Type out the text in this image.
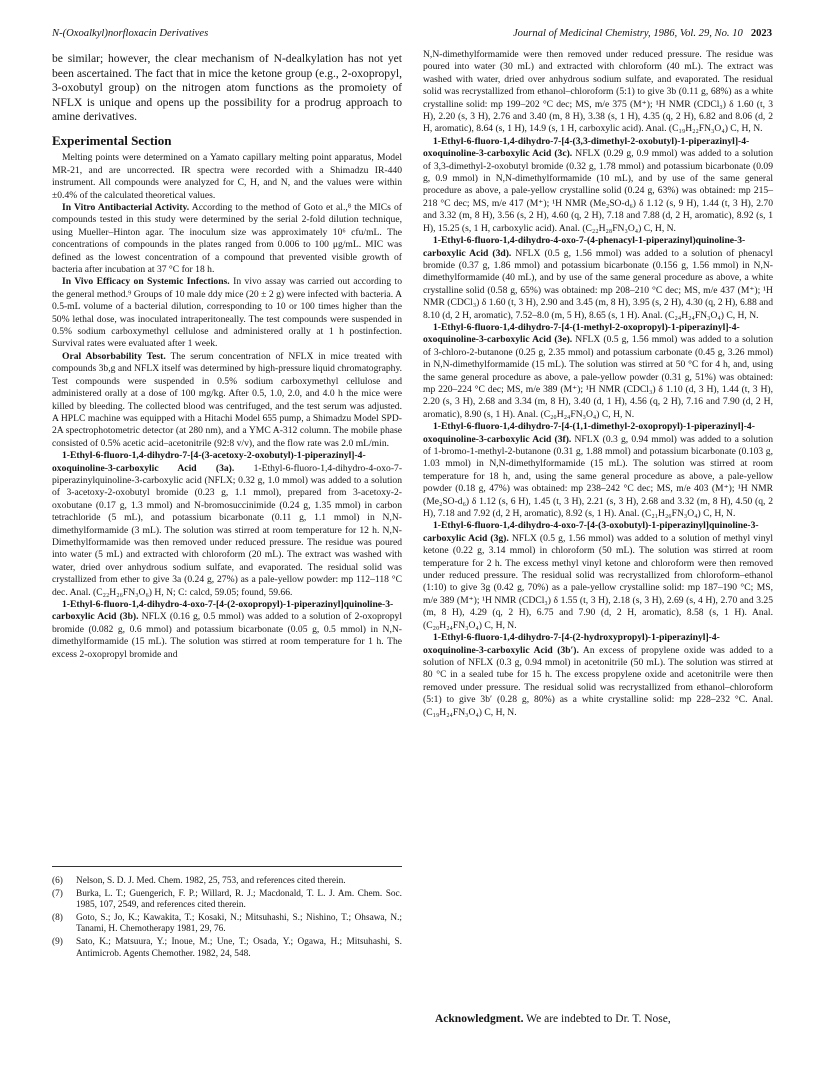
N-(Oxoalkyl)norfloxacin Derivatives	Journal of Medicinal Chemistry, 1986, Vol. 29, No. 10 2023

be similar; however, the clear mechanism of N-dealkylation has not yet been ascertained. The fact that in mice the ketone group (e.g., 2-oxopropyl, 3-oxobutyl group) on the nitrogen atom functions as the promoiety of NFLX is unique and opens up the possibility for a prodrug approach to amine derivatives.

Experimental Section

Melting points were determined on a Yamato capillary melting point apparatus, Model MR-21, and are uncorrected. IR spectra were recorded with a Shimadzu IR-440 instrument. All compounds were analyzed for C, H, and N, and the values were within ±0.4% of the calculated theoretical values.

In Vitro Antibacterial Activity. According to the method of Goto et al.,⁸ the MICs of compounds tested in this study were determined by the serial 2-fold dilution technique, using Mueller–Hinton agar. The inoculum size was approximately 10⁶ cfu/mL. The concentrations of compounds in the plates ranged from 0.006 to 100 μg/mL. MIC was defined as the lowest concentration of a compound that prevented visible growth of bacteria after incubation at 37 °C for 18 h.

In Vivo Efficacy on Systemic Infections. In vivo assay was carried out according to the general method.⁹ Groups of 10 male ddy mice (20 ± 2 g) were infected with bacteria. A 0.5-mL volume of a bacterial dilution, corresponding to 10 or 100 times higher than the 50% lethal dose, was inoculated intraperitoneally. The test compounds were suspended in 0.5% sodium carboxymethyl cellulose and administered orally at 1 h postinfection. Survival rates were evaluated after 1 week.

Oral Absorbability Test. The serum concentration of NFLX in mice treated with compounds 3b,g and NFLX itself was determined by high-pressure liquid chromatography. Test compounds were suspended in 0.5% sodium carboxymethyl cellulose and administered orally at a dose of 100 mg/kg. After 0.5, 1.0, 2.0, and 4.0 h the mice were killed by bleeding. The collected blood was centrifuged, and the test serum was adjusted. A HPLC machine was equipped with a Hitachi Model 655 pump, a Shimadzu Model SPD-2A spectrophotometric detector (at 280 nm), and a YMC A-312 column. The mobile phase consisted of 0.5% acetic acid–acetonitrile (92:8 v/v), and the flow rate was 2.0 mL/min.

1-Ethyl-6-fluoro-1,4-dihydro-7-[4-(3-acetoxy-2-oxobutyl)-1-piperazinyl]-4-oxoquinoline-3-carboxylic Acid (3a). 1-Ethyl-6-fluoro-1,4-dihydro-4-oxo-7-piperazinylquinoline-3-carboxylic acid (NFLX; 0.32 g, 1.0 mmol) was added to a solution of 3-acetoxy-2-oxobutyl bromide (0.23 g, 1.1 mmol), prepared from 3-acetoxy-2-oxobutane (0.17 g, 1.3 mmol) and N-bromosuccinimide (0.24 g, 1.35 mmol) in carbon tetrachloride (5 mL), and potassium bicarbonate (0.11 g, 1.1 mmol) in N,N-dimethylformamide (3 mL). The solution was stirred at room temperature for 12 h. N,N-Dimethylformamide was then removed under reduced pressure. The residue was poured into water (5 mL) and extracted with chloroform (20 mL). The extract was washed with water, dried over anhydrous sodium sulfate, and evaporated. The residual solid was crystallized from ether to give 3a (0.24 g, 27%) as a pale-yellow powder: mp 112–118 °C dec. Anal. (C₂₂H₂₆FN₃O₆) H, N; C: calcd, 59.05; found, 59.66.

1-Ethyl-6-fluoro-1,4-dihydro-4-oxo-7-[4-(2-oxopropyl)-1-piperazinyl]quinoline-3-carboxylic Acid (3b). NFLX (0.16 g, 0.5 mmol) was added to a solution of 2-oxopropyl bromide (0.082 g, 0.6 mmol) and potassium bicarbonate (0.05 g, 0.5 mmol) in N,N-dimethylformamide (15 mL). The solution was stirred at room temperature for 1 h. The excess 2-oxopropyl bromide and

(6) Nelson, S. D. J. Med. Chem. 1982, 25, 753, and references cited therein.
(7) Burka, L. T.; Guengerich, F. P.; Willard, R. J.; Macdonald, T. L. J. Am. Chem. Soc. 1985, 107, 2549, and references cited therein.
(8) Goto, S.; Jo, K.; Kawakita, T.; Kosaki, N.; Mitsuhashi, S.; Nishino, T.; Ohsawa, N.; Tanami, H. Chemotherapy 1981, 29, 76.
(9) Sato, K.; Matsuura, Y.; Inoue, M.; Une, T.; Osada, Y.; Ogawa, H.; Mitsuhashi, S. Antimicrob. Agents Chemother. 1982, 24, 548.

N,N-dimethylformamide were then removed under reduced pressure. The residue was poured into water (30 mL) and extracted with chloroform (40 mL). The extract was washed with water, dried over anhydrous sodium sulfate, and evaporated. The residual solid was recrystallized from ethanol–chloroform (5:1) to give 3b (0.11 g, 68%) as a white crystalline solid: mp 199–202 °C dec; MS, m/e 375 (M⁺); ¹H NMR (CDCl₃) δ 1.60 (t, 3 H), 2.20 (s, 3 H), 2.76 and 3.40 (m, 8 H), 3.38 (s, 1 H), 4.35 (q, 2 H), 6.82 and 8.06 (d, 2 H, aromatic), 8.64 (s, 1 H), 14.9 (s, 1 H, carboxylic acid). Anal. (C₁₉H₂₂FN₃O₄) C, H, N.

1-Ethyl-6-fluoro-1,4-dihydro-7-[4-(3,3-dimethyl-2-oxobutyl)-1-piperazinyl]-4-oxoquinoline-3-carboxylic Acid (3c). NFLX (0.29 g, 0.9 mmol) was added to a solution of 3,3-dimethyl-2-oxobutyl bromide (0.32 g, 1.78 mmol) and potassium bicarbonate (0.09 g, 0.9 mmol) in N,N-dimethylformamide (10 mL), and by use of the same general procedure as above, a pale-yellow crystalline solid (0.24 g, 63%) was obtained: mp 215–218 °C dec; MS, m/e 417 (M⁺); ¹H NMR (Me₂SO-d₆) δ 1.12 (s, 9 H), 1.44 (t, 3 H), 2.70 and 3.32 (m, 8 H), 3.56 (s, 2 H), 4.60 (q, 2 H), 7.18 and 7.88 (d, 2 H, aromatic), 8.92 (s, 1 H), 15.25 (s, 1 H, carboxylic acid). Anal. (C₂₂H₂₈FN₃O₄) C, H, N.

1-Ethyl-6-fluoro-1,4-dihydro-4-oxo-7-(4-phenacyl-1-piperazinyl)quinoline-3-carboxylic Acid (3d). NFLX (0.5 g, 1.56 mmol) was added to a solution of phenacyl bromide (0.37 g, 1.86 mmol) and potassium bicarbonate (0.156 g, 1.56 mmol) in N,N-dimethylformamide (40 mL), and by use of the same general procedure as above, a white crystalline solid (0.58 g, 65%) was obtained: mp 208–210 °C dec; MS, m/e 437 (M⁺); ¹H NMR (CDCl₃) δ 1.60 (t, 3 H), 2.90 and 3.45 (m, 8 H), 3.95 (s, 2 H), 4.30 (q, 2 H), 6.88 and 8.10 (d, 2 H, aromatic), 7.52–8.0 (m, 5 H), 8.65 (s, 1 H). Anal. (C₂₄H₂₄FN₃O₄) C, H, N.

1-Ethyl-6-fluoro-1,4-dihydro-7-[4-(1-methyl-2-oxopropyl)-1-piperazinyl]-4-oxoquinoline-3-carboxylic Acid (3e). NFLX (0.5 g, 1.56 mmol) was added to a solution of 3-chloro-2-butanone (0.25 g, 2.35 mmol) and potassium carbonate (0.45 g, 3.26 mmol) in N,N-dimethylformamide (15 mL). The solution was stirred at 50 °C for 4 h, and, using the same general procedure as above, a pale-yellow powder (0.31 g, 51%) was obtained: mp 220–224 °C dec; MS, m/e 389 (M⁺); ¹H NMR (CDCl₃) δ 1.10 (d, 3 H), 1.44 (t, 3 H), 2.20 (s, 3 H), 2.68 and 3.34 (m, 8 H), 3.40 (d, 1 H), 4.56 (q, 2 H), 7.16 and 7.90 (d, 2 H, aromatic), 8.90 (s, 1 H). Anal. (C₂₀H₂₄FN₃O₄) C, H, N.

1-Ethyl-6-fluoro-1,4-dihydro-7-[4-(1,1-dimethyl-2-oxopropyl)-1-piperazinyl]-4-oxoquinoline-3-carboxylic Acid (3f). NFLX (0.3 g, 0.94 mmol) was added to a solution of 1-bromo-1-methyl-2-butanone (0.31 g, 1.88 mmol) and potassium bicarbonate (0.103 g, 1.03 mmol) in N,N-dimethylformamide (15 mL). The solution was stirred at room temperature for 18 h, and, using the same general procedure as above, a pale-yellow powder (0.18 g, 47%) was obtained: mp 238–242 °C dec; MS, m/e 403 (M⁺); ¹H NMR (Me₂SO-d₆) δ 1.12 (s, 6 H), 1.45 (t, 3 H), 2.21 (s, 3 H), 2.68 and 3.32 (m, 8 H), 4.50 (q, 2 H), 7.18 and 7.92 (d, 2 H, aromatic), 8.92 (s, 1 H). Anal. (C₂₁H₂₆FN₃O₄) C, H, N.

1-Ethyl-6-fluoro-1,4-dihydro-4-oxo-7-[4-(3-oxobutyl)-1-piperazinyl]quinoline-3-carboxylic Acid (3g). NFLX (0.5 g, 1.56 mmol) was added to a solution of methyl vinyl ketone (0.22 g, 3.14 mmol) in chloroform (50 mL). The solution was stirred at room temperature for 2 h. The excess methyl vinyl ketone and chloroform were then removed under reduced pressure. The residual solid was recrystallized from chloroform–ethanol (1:10) to give 3g (0.42 g, 70%) as a pale-yellow crystalline solid: mp 187–190 °C; MS, m/e 389 (M⁺); ¹H NMR (CDCl₃) δ 1.55 (t, 3 H), 2.18 (s, 3 H), 2.69 (s, 4 H), 2.70 and 3.25 (m, 8 H), 4.29 (q, 2 H), 6.75 and 7.90 (d, 2 H, aromatic), 8.58 (s, 1 H). Anal. (C₂₀H₂₄FN₃O₄) C, H, N.

1-Ethyl-6-fluoro-1,4-dihydro-7-[4-(2-hydroxypropyl)-1-piperazinyl]-4-oxoquinoline-3-carboxylic Acid (3b′). An excess of propylene oxide was added to a solution of NFLX (0.3 g, 0.94 mmol) in acetonitrile (50 mL). The solution was stirred at 80 °C in a sealed tube for 15 h. The excess propylene oxide and acetonitrile were then removed under pressure. The residual solid was recrystallized from ethanol–chloroform (5:1) to give 3b′ (0.28 g, 80%) as a white crystalline solid: mp 228–232 °C. Anal. (C₁₉H₂₄FN₃O₄) C, H, N.

Acknowledgment. We are indebted to Dr. T. Nose,
